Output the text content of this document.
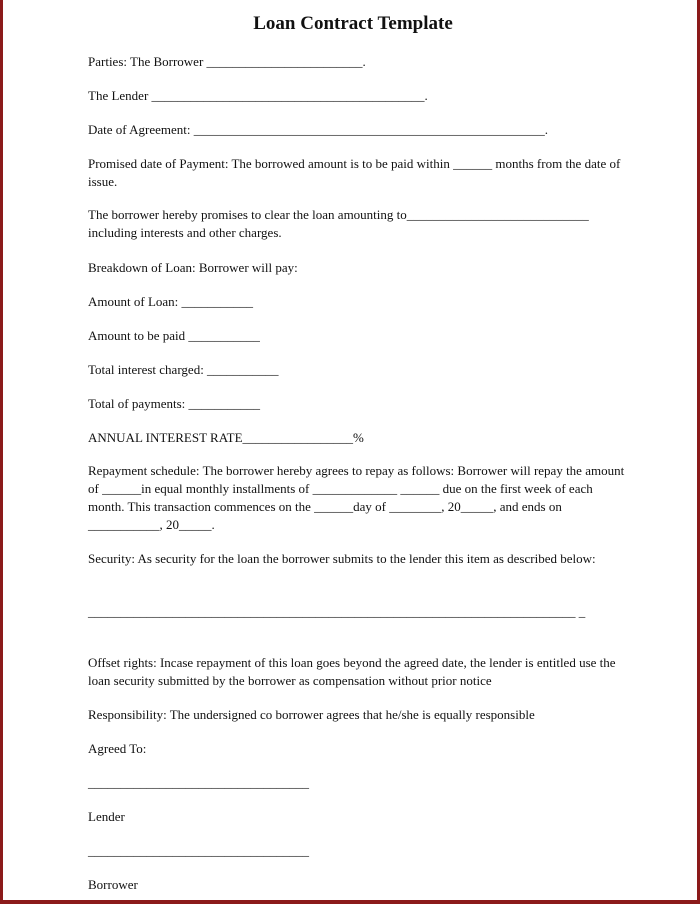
Loan Contract Template

Parties: The Borrower ________________________.

The Lender __________________________________________.

Date of Agreement: ______________________________________________________.

Promised date of Payment: The borrowed amount is to be paid within ______ months from the date of issue.

The borrower hereby promises to clear the loan amounting to____________________________ including interests and other charges.

Breakdown of Loan: Borrower will pay:

Amount of Loan: ___________

Amount to be paid ___________

Total interest charged: ___________

Total of payments: ___________

ANNUAL INTEREST RATE_________________%

Repayment schedule: The borrower hereby agrees to repay as follows: Borrower will repay the amount of ______in equal monthly installments of _____________ ______ due on the first week of each month. This transaction commences on the ______day of ________, 20_____, and ends on ___________, 20_____.

Security: As security for the loan the borrower submits to the lender this item as described below:

___________________________________________________________________________ _

Offset rights: Incase repayment of this loan goes beyond the agreed date, the lender is entitled use the loan security submitted by the borrower as compensation without prior notice

Responsibility: The undersigned co borrower agrees that he/she is equally responsible

Agreed To:

__________________________________

Lender

__________________________________

Borrower
